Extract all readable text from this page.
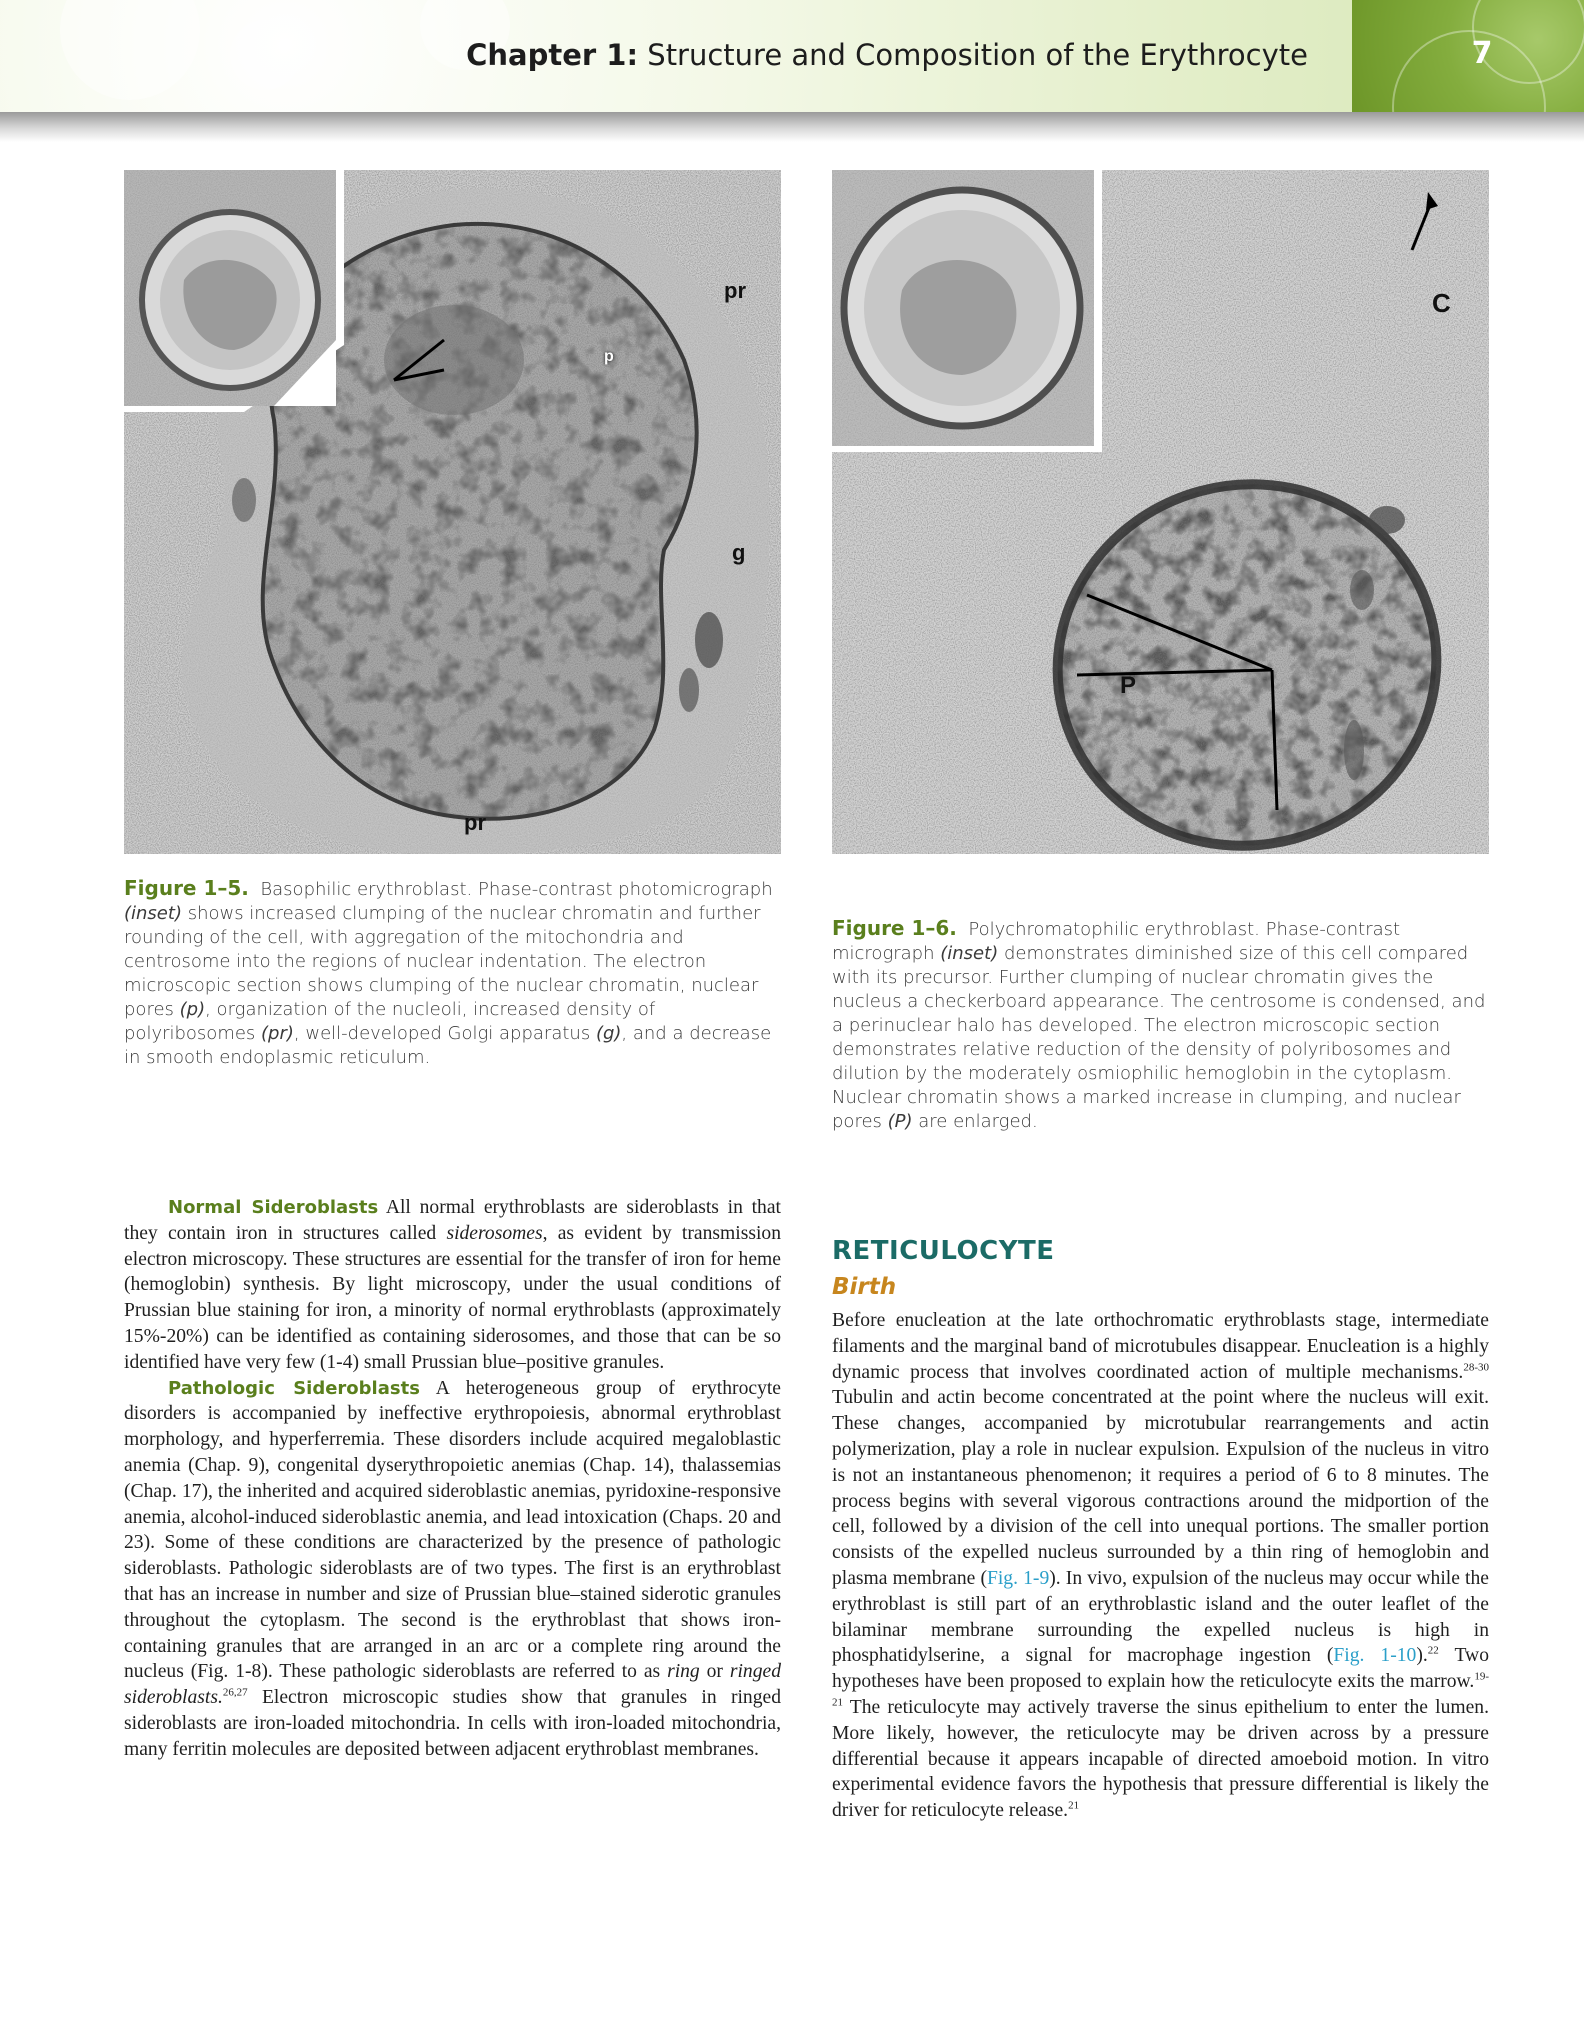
Chapter 1: Structure and Composition of the Erythrocyte	7
pr
p
g
pr
C
P
Figure 1–5. Basophilic erythroblast. Phase-contrast photomicrograph (inset) shows increased clumping of the nuclear chromatin and further rounding of the cell, with aggregation of the mitochondria and centrosome into the regions of nuclear indentation. The electron microscopic section shows clumping of the nuclear chromatin, nuclear pores (p), organization of the nucleoli, increased density of polyribosomes (pr), well-developed Golgi apparatus (g), and a decrease in smooth endoplasmic reticulum.
Figure 1–6. Polychromatophilic erythroblast. Phase-contrast micrograph (inset) demonstrates diminished size of this cell compared with its precursor. Further clumping of nuclear chromatin gives the nucleus a checkerboard appearance. The centrosome is condensed, and a perinuclear halo has developed. The electron microscopic section demonstrates relative reduction of the density of polyribosomes and dilution by the moderately osmiophilic hemoglobin in the cytoplasm. Nuclear chromatin shows a marked increase in clumping, and nuclear pores (P) are enlarged.

Normal Sideroblasts All normal erythroblasts are sideroblasts in that they contain iron in structures called siderosomes, as evident by transmission electron microscopy. These structures are essential for the transfer of iron for heme (hemoglobin) synthesis. By light microscopy, under the usual conditions of Prussian blue staining for iron, a minority of normal erythroblasts (approximately 15%-20%) can be identified as containing siderosomes, and those that can be so identified have very few (1-4) small Prussian blue–positive granules.

Pathologic Sideroblasts A heterogeneous group of erythrocyte disorders is accompanied by ineffective erythropoiesis, abnormal erythroblast morphology, and hyperferremia. These disorders include acquired megaloblastic anemia (Chap. 9), congenital dyserythropoietic anemias (Chap. 14), thalassemias (Chap. 17), the inherited and acquired sideroblastic anemias, pyridoxine-responsive anemia, alcohol-induced sideroblastic anemia, and lead intoxication (Chaps. 20 and 23). Some of these conditions are characterized by the presence of pathologic sideroblasts. Pathologic sideroblasts are of two types. The first is an erythroblast that has an increase in number and size of Prussian blue–stained siderotic granules throughout the cytoplasm. The second is the erythroblast that shows iron-containing granules that are arranged in an arc or a complete ring around the nucleus (Fig. 1-8). These pathologic sideroblasts are referred to as ring or ringed sideroblasts.$^{26,27}$ Electron microscopic studies show that granules in ringed sideroblasts are iron-loaded mitochondria. In cells with iron-loaded mitochondria, many ferritin molecules are deposited between adjacent erythroblast membranes.

RETICULOCYTE
Birth

Before enucleation at the late orthochromatic erythroblasts stage, intermediate filaments and the marginal band of microtubules disappear. Enucleation is a highly dynamic process that involves coordinated action of multiple mechanisms.$^{28-30}$ Tubulin and actin become concentrated at the point where the nucleus will exit. These changes, accompanied by microtubular rearrangements and actin polymerization, play a role in nuclear expulsion. Expulsion of the nucleus in vitro is not an instantaneous phenomenon; it requires a period of 6 to 8 minutes. The process begins with several vigorous contractions around the midportion of the cell, followed by a division of the cell into unequal portions. The smaller portion consists of the expelled nucleus surrounded by a thin ring of hemoglobin and plasma membrane (Fig. 1-9). In vivo, expulsion of the nucleus may occur while the erythroblast is still part of an erythroblastic island and the outer leaflet of the bilaminar membrane surrounding the expelled nucleus is high in phosphatidylserine, a signal for macrophage ingestion (Fig. 1-10).$^{22}$ Two hypotheses have been proposed to explain how the reticulocyte exits the marrow.$^{19-21}$ The reticulocyte may actively traverse the sinus epithelium to enter the lumen. More likely, however, the reticulocyte may be driven across by a pressure differential because it appears incapable of directed amoeboid motion. In vitro experimental evidence favors the hypothesis that pressure differential is likely the driver for reticulocyte release.$^{21}$
